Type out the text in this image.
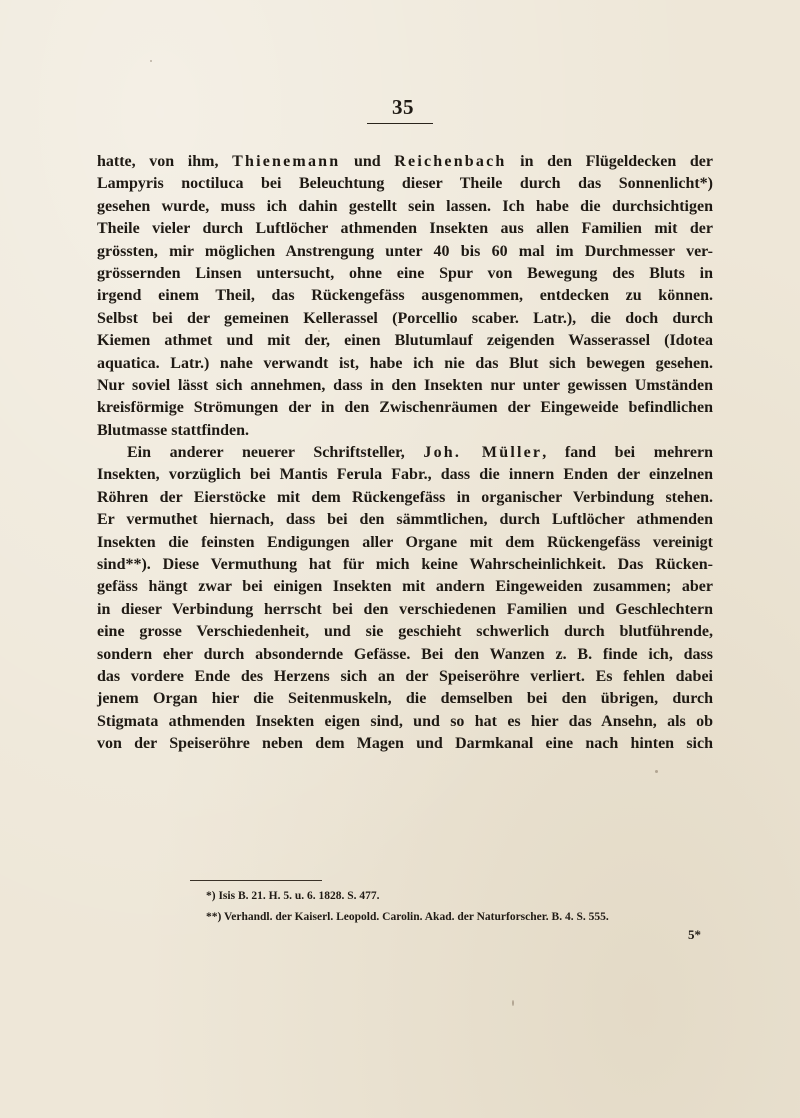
35
hatte, von ihm, Thienemann und Reichenbach in den Flügeldecken der
Lampyris noctiluca bei Beleuchtung dieser Theile durch das Sonnenlicht*)
gesehen wurde, muss ich dahin gestellt sein lassen. Ich habe die durchsichtigen
Theile vieler durch Luftlöcher athmenden Insekten aus allen Familien mit der
grössten, mir möglichen Anstrengung unter 40 bis 60 mal im Durchmesser ver-
grössernden Linsen untersucht, ohne eine Spur von Bewegung des Bluts in
irgend einem Theil, das Rückengefäss ausgenommen, entdecken zu können.
Selbst bei der gemeinen Kellerassel (Porcellio scaber. Latr.), die doch durch
Kiemen athmet und mit der, einen Blutumlauf zeigenden Wasserassel (Idotea
aquatica. Latr.) nahe verwandt ist, habe ich nie das Blut sich bewegen gesehen.
Nur soviel lässt sich annehmen, dass in den Insekten nur unter gewissen Umständen
kreisförmige Strömungen der in den Zwischenräumen der Eingeweide befindlichen
Blutmasse stattfinden.
Ein anderer neuerer Schriftsteller, Joh. Müller, fand bei mehrern
Insekten, vorzüglich bei Mantis Ferula Fabr., dass die innern Enden der einzelnen
Röhren der Eierstöcke mit dem Rückengefäss in organischer Verbindung stehen.
Er vermuthet hiernach, dass bei den sämmtlichen, durch Luftlöcher athmenden
Insekten die feinsten Endigungen aller Organe mit dem Rückengefäss vereinigt
sind**). Diese Vermuthung hat für mich keine Wahrscheinlichkeit. Das Rücken-
gefäss hängt zwar bei einigen Insekten mit andern Eingeweiden zusammen; aber
in dieser Verbindung herrscht bei den verschiedenen Familien und Geschlechtern
eine grosse Verschiedenheit, und sie geschieht schwerlich durch blutführende,
sondern eher durch absondernde Gefässe. Bei den Wanzen z. B. finde ich, dass
das vordere Ende des Herzens sich an der Speiseröhre verliert. Es fehlen dabei
jenem Organ hier die Seitenmuskeln, die demselben bei den übrigen, durch
Stigmata athmenden Insekten eigen sind, und so hat es hier das Ansehn, als ob
von der Speiseröhre neben dem Magen und Darmkanal eine nach hinten sich
*) Isis B. 21. H. 5. u. 6. 1828. S. 477.
**) Verhandl. der Kaiserl. Leopold. Carolin. Akad. der Naturforscher. B. 4. S. 555.
5*
